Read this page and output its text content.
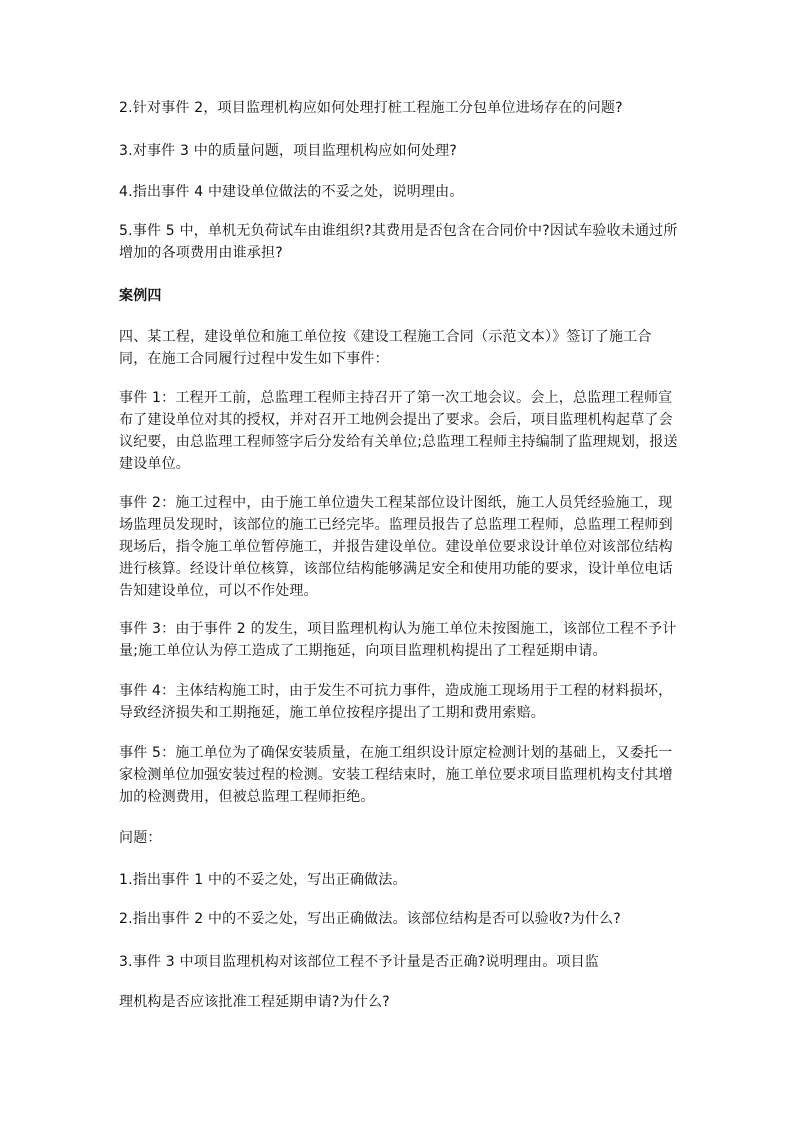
2.针对事件 2，项目监理机构应如何处理打桩工程施工分包单位进场存在的问题?

3.对事件 3 中的质量问题，项目监理机构应如何处理?

4.指出事件 4 中建设单位做法的不妥之处，说明理由。

5.事件 5 中，单机无负荷试车由谁组织?其费用是否包含在合同价中?因试车验收未通过所增加的各项费用由谁承担?

案例四

四、某工程，建设单位和施工单位按《建设工程施工合同（示范文本）》签订了施工合同，在施工合同履行过程中发生如下事件：

事件 1：工程开工前，总监理工程师主持召开了第一次工地会议。会上，总监理工程师宣布了建设单位对其的授权，并对召开工地例会提出了要求。会后，项目监理机构起草了会议纪要，由总监理工程师签字后分发给有关单位;总监理工程师主持编制了监理规划，报送建设单位。

事件 2：施工过程中，由于施工单位遗失工程某部位设计图纸，施工人员凭经验施工，现场监理员发现时，该部位的施工已经完毕。监理员报告了总监理工程师，总监理工程师到现场后，指令施工单位暂停施工，并报告建设单位。建设单位要求设计单位对该部位结构进行核算。经设计单位核算，该部位结构能够满足安全和使用功能的要求，设计单位电话告知建设单位，可以不作处理。

事件 3：由于事件 2 的发生，项目监理机构认为施工单位未按图施工，该部位工程不予计量;施工单位认为停工造成了工期拖延，向项目监理机构提出了工程延期申请。

事件 4：主体结构施工时，由于发生不可抗力事件，造成施工现场用于工程的材料损坏，导致经济损失和工期拖延，施工单位按程序提出了工期和费用索赔。

事件 5：施工单位为了确保安装质量，在施工组织设计原定检测计划的基础上，又委托一家检测单位加强安装过程的检测。安装工程结束时，施工单位要求项目监理机构支付其增加的检测费用，但被总监理工程师拒绝。

问题：

1.指出事件 1 中的不妥之处，写出正确做法。

2.指出事件 2 中的不妥之处，写出正确做法。该部位结构是否可以验收?为什么?

3.事件 3 中项目监理机构对该部位工程不予计量是否正确?说明理由。项目监

理机构是否应该批准工程延期申请?为什么?
